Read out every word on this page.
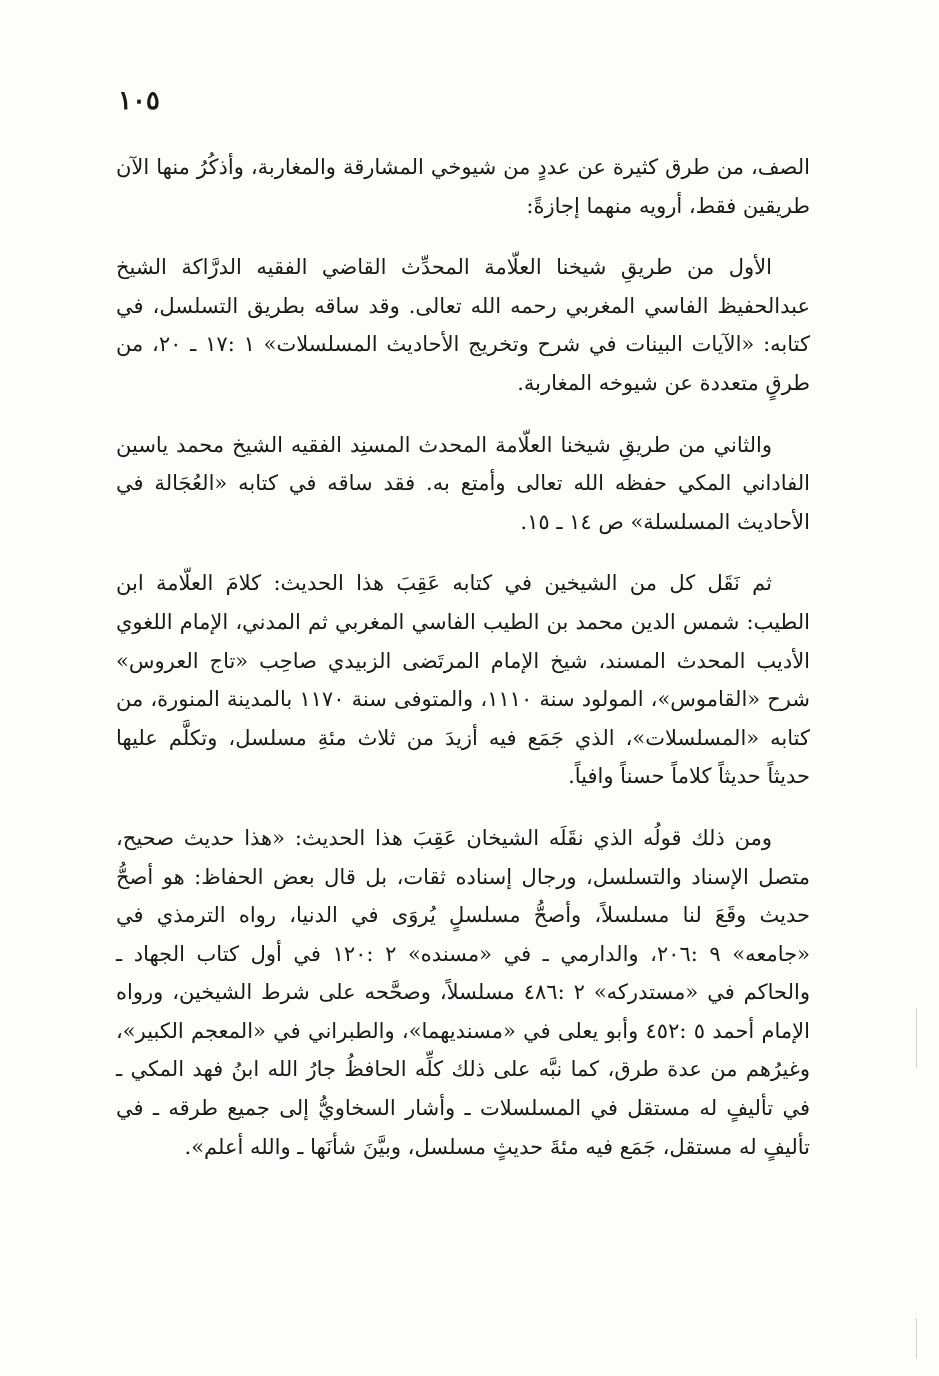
١٠٥

الصف، من طرق كثيرة عن عددٍ من شيوخي المشارقة والمغاربة، وأذكُرُ منها الآن طريقين فقط، أرويه منهما إجازةً:

الأول من طريقِ شيخنا العلّامة المحدِّث القاضي الفقيه الدرَّاكة الشيخ عبدالحفيظ الفاسي المغربي رحمه الله تعالى. وقد ساقه بطريق التسلسل، في كتابه: «الآيات البينات في شرح وتخريج الأحاديث المسلسلات» ١ :١٧ ـ ٢٠، من طرقٍ متعددة عن شيوخه المغاربة.

والثاني من طريقِ شيخنا العلّامة المحدث المسنِد الفقيه الشيخ محمد ياسين الفاداني المكي حفظه الله تعالى وأمتع به. فقد ساقه في كتابه «العُجَالة في الأحاديث المسلسلة» ص ١٤ ـ ١٥.

ثم نَقَل كل من الشيخين في كتابه عَقِبَ هذا الحديث: كلامَ العلّامة ابن الطيب: شمس الدين محمد بن الطيب الفاسي المغربي ثم المدني، الإمام اللغوي الأديب المحدث المسند، شيخ الإمام المرتَضى الزبيدي صاحِب «تاج العروس» شرح «القاموس»، المولود سنة ١١١٠، والمتوفى سنة ١١٧٠ بالمدينة المنورة، من كتابه «المسلسلات»، الذي جَمَع فيه أزيدَ من ثلاث مئةِ مسلسل، وتكلَّم عليها حديثاً حديثاً كلاماً حسناً وافياً.

ومن ذلك قولُه الذي نقَلَه الشيخان عَقِبَ هذا الحديث: «هذا حديث صحيح، متصل الإسناد والتسلسل، ورجال إسناده ثقات، بل قال بعض الحفاظ: هو أصحُّ حديث وقَعَ لنا مسلسلاً، وأصحُّ مسلسلٍ يُروَى في الدنيا، رواه الترمذي في «جامعه» ٩ :٢٠٦، والدارمي ـ في «مسنده» ٢ :١٢٠ في أول كتاب الجهاد ـ والحاكم في «مستدركه» ٢ :٤٨٦ مسلسلاً، وصحَّحه على شرط الشيخين، ورواه الإمام أحمد ٥ :٤٥٢ وأبو يعلى في «مسنديهما»، والطبراني في «المعجم الكبير»، وغيرُهم من عدة طرق، كما نبَّه على ذلك كلِّه الحافظُ جارُ الله ابنُ فهد المكي ـ في تأليفٍ له مستقل في المسلسلات ـ وأشار السخاويُّ إلى جميع طرقه ـ في تأليفٍ له مستقل، جَمَع فيه مئةَ حديثٍ مسلسل، وبيَّنَ شأنَها ـ والله أعلم».
